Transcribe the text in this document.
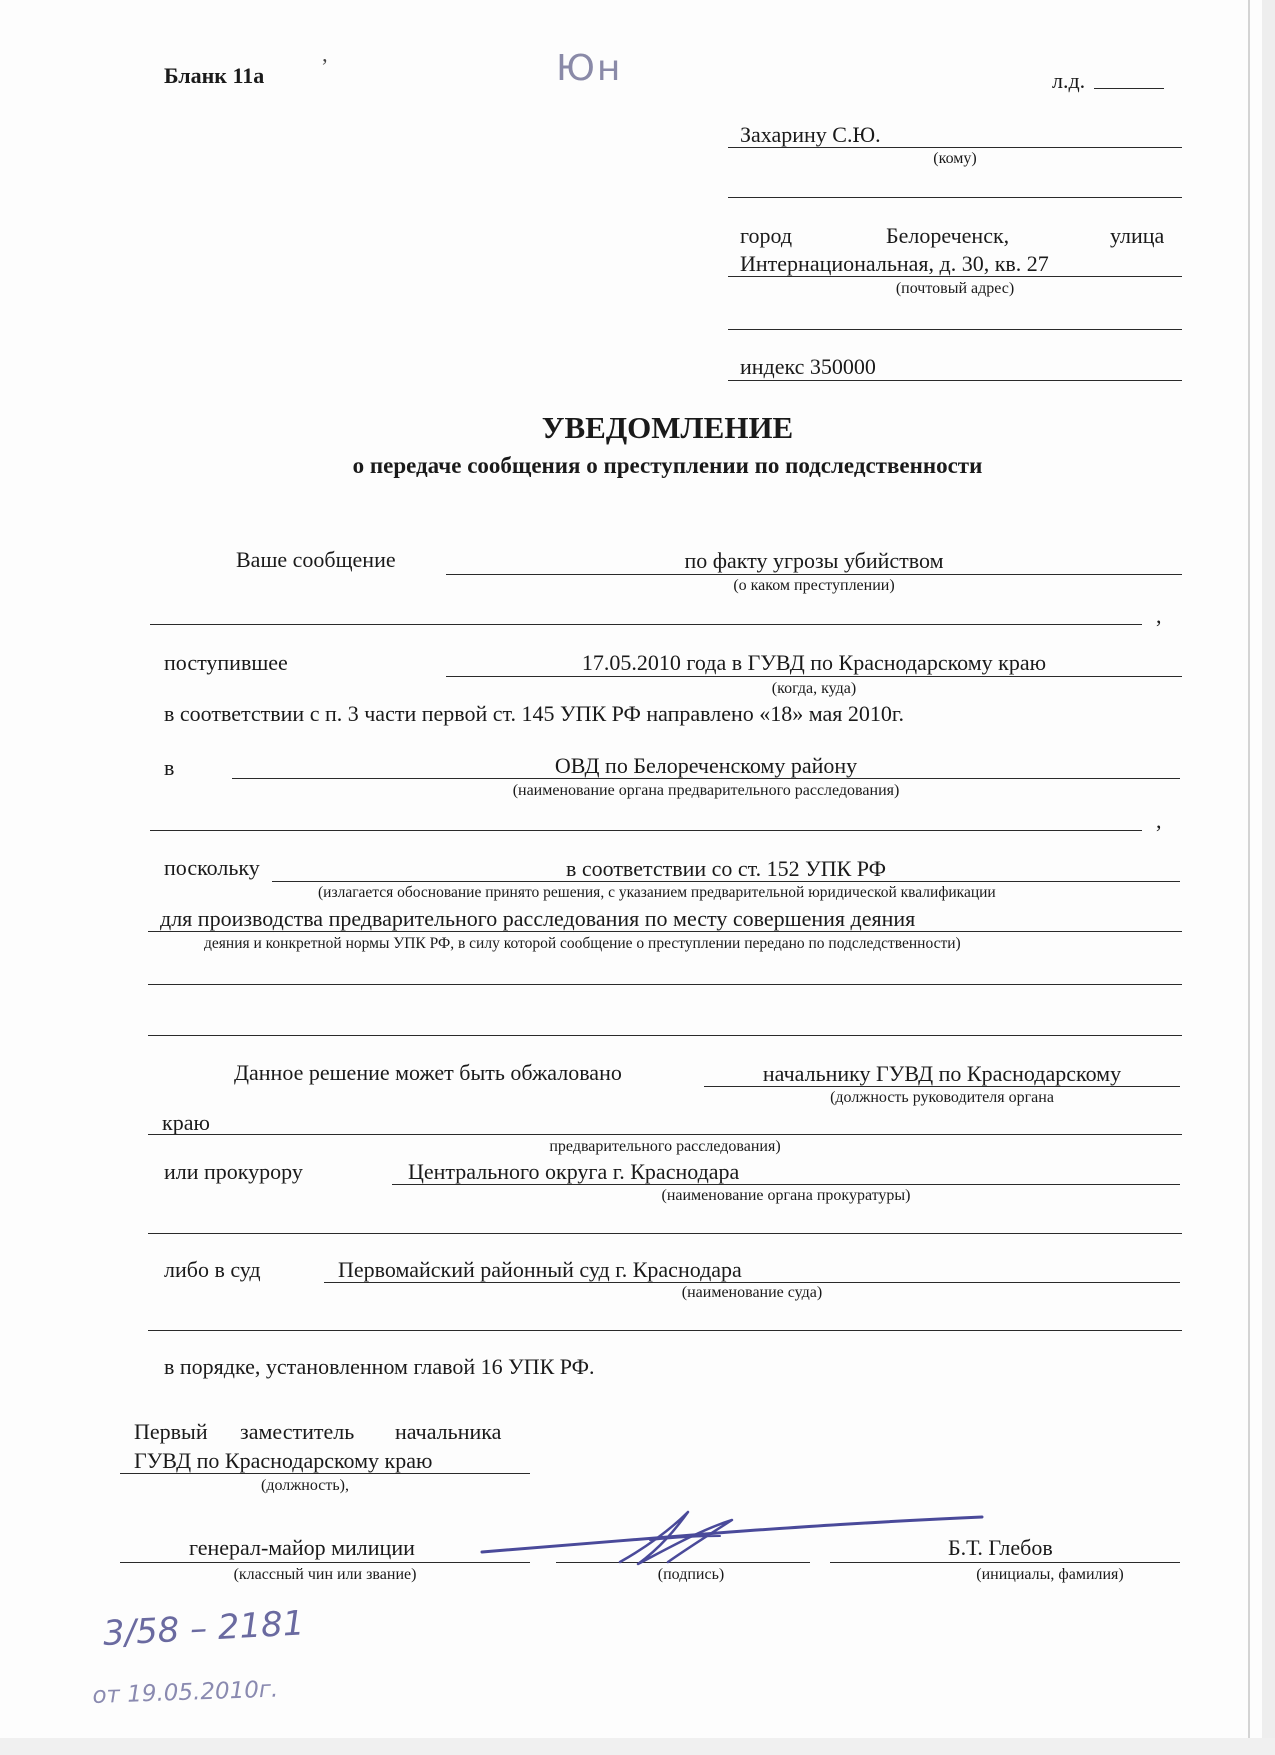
Бланк 11а	ʼ	Юн	л.д.
Захарину С.Ю.
(кому)
город	Белореченск,	улица
Интернациональная, д. 30, кв. 27
(почтовый адрес)
индекс 350000
УВЕДОМЛЕНИЕ
о передаче сообщения о преступлении по подследственности
Ваше сообщение	по факту угрозы убийством
(о каком преступлении)
,
поступившее	17.05.2010 года в ГУВД по Краснодарскому краю
(когда, куда)
в соответствии с п. 3 части первой ст. 145 УПК РФ направлено «18» мая 2010г.
в	ОВД по Белореченскому району
(наименование органа предварительного расследования)
,
поскольку	в соответствии со ст. 152 УПК РФ
(излагается обоснование принято решения, с указанием предварительной юридической квалификации
для производства предварительного расследования по месту совершения деяния
деяния и конкретной нормы УПК РФ, в силу которой сообщение о преступлении передано по подследственности)
Данное решение может быть обжаловано	начальнику ГУВД по Краснодарскому
(должность руководителя органа
краю
предварительного расследования)
или прокурору	Центрального округа г. Краснодара
(наименование органа прокуратуры)
либо в суд	Первомайский районный суд г. Краснодара
(наименование суда)
в порядке, установленном главой 16 УПК РФ.
Первый заместитель начальника
ГУВД по Краснодарскому краю
(должность),
генерал-майор милиции
(классный чин или звание)	(подпись)
Б.Т. Глебов
(инициалы, фамилия)
3/58 – 2181
от 19.05.2010г.
